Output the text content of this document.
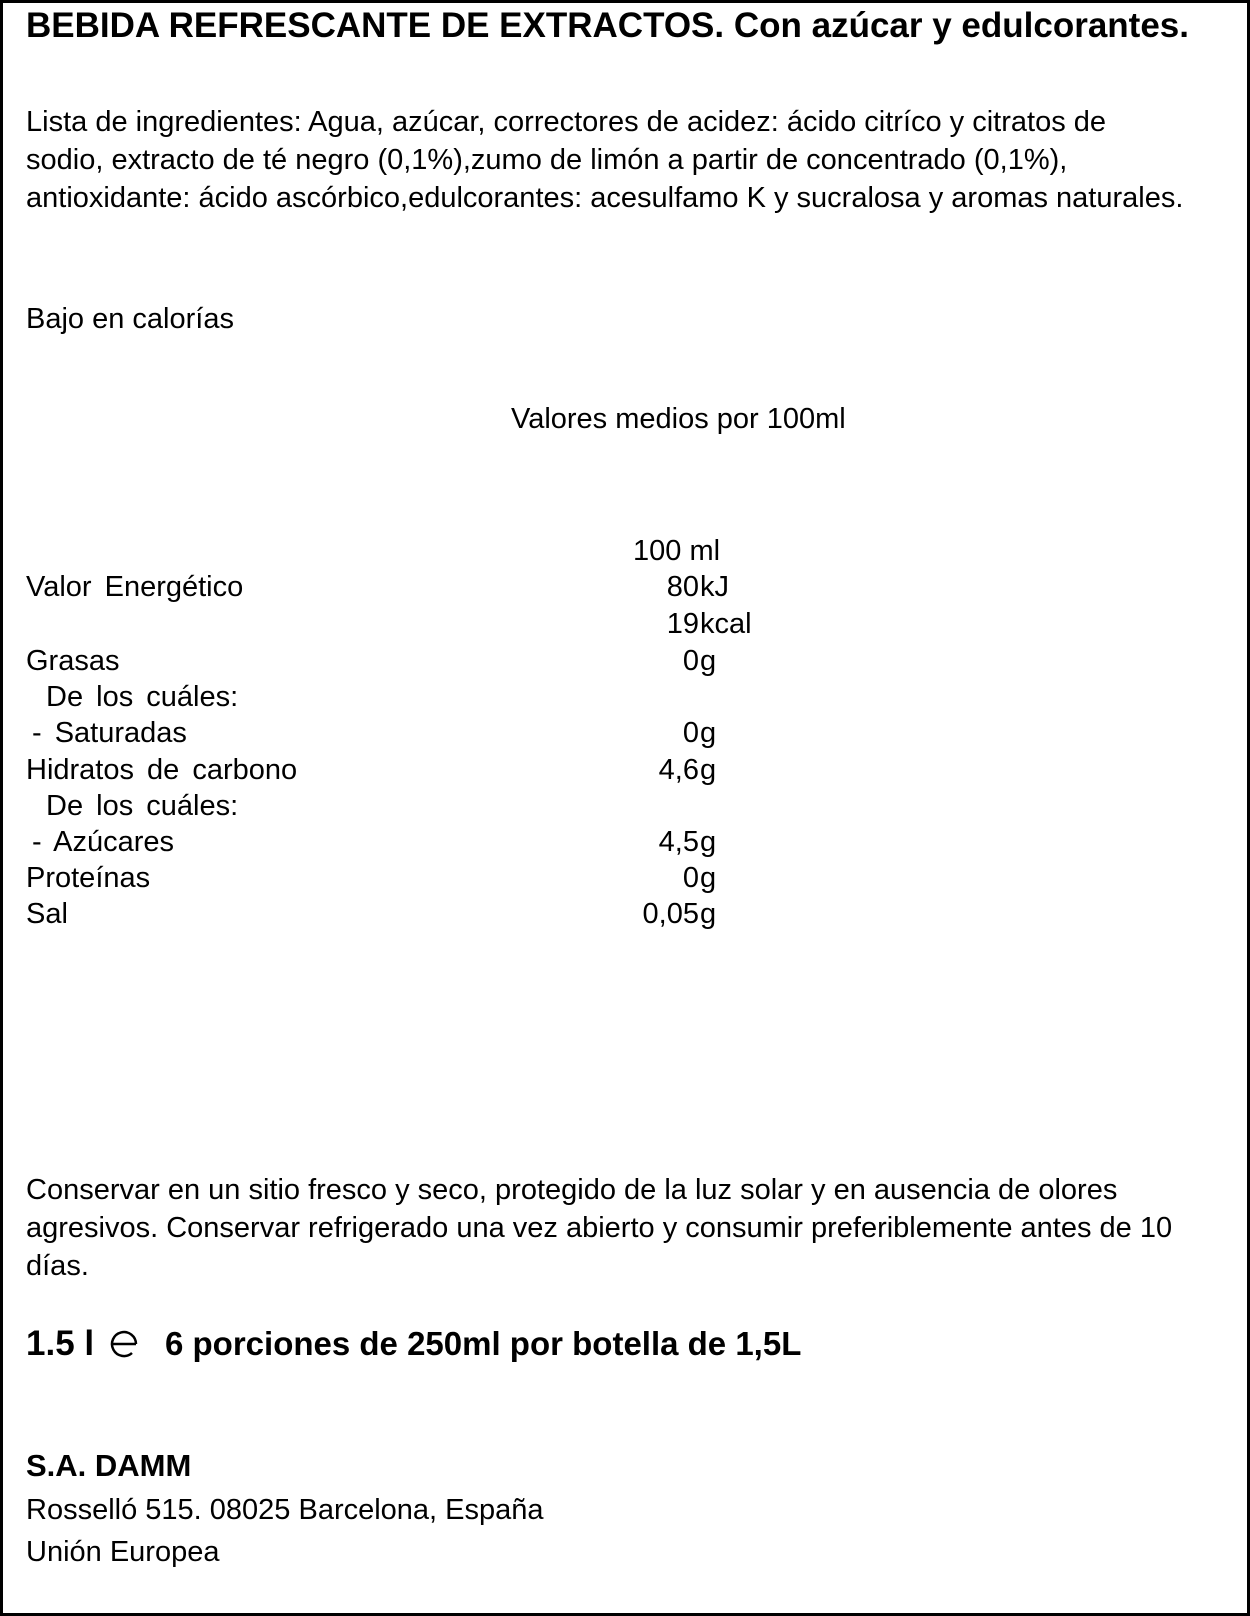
BEBIDA REFRESCANTE DE EXTRACTOS. Con azúcar y edulcorantes.
Lista de ingredientes: Agua, azúcar, correctores de acidez: ácido citríco y citratos de sodio, extracto de té negro (0,1%),zumo de limón a partir de concentrado (0,1%), antioxidante: ácido ascórbico,edulcorantes: acesulfamo K y sucralosa y aromas naturales.
Bajo en calorías
Valores medios por 100ml
100 ml
Valor Energético	80 kJ
19 kcal
Grasas	0 g
De los cuáles:
- Saturadas	0 g
Hidratos de carbono	4,6 g
De los cuáles:
- Azúcares	4,5 g
Proteínas	0 g
Sal	0,05 g
Conservar en un sitio fresco y seco, protegido de la luz solar y en ausencia de olores agresivos. Conservar refrigerado una vez abierto y consumir preferiblemente antes de 10 días.
1.5 l 6 porciones de 250ml por botella de 1,5L
S.A. DAMM
Rosselló 515. 08025 Barcelona, España
Unión Europea
